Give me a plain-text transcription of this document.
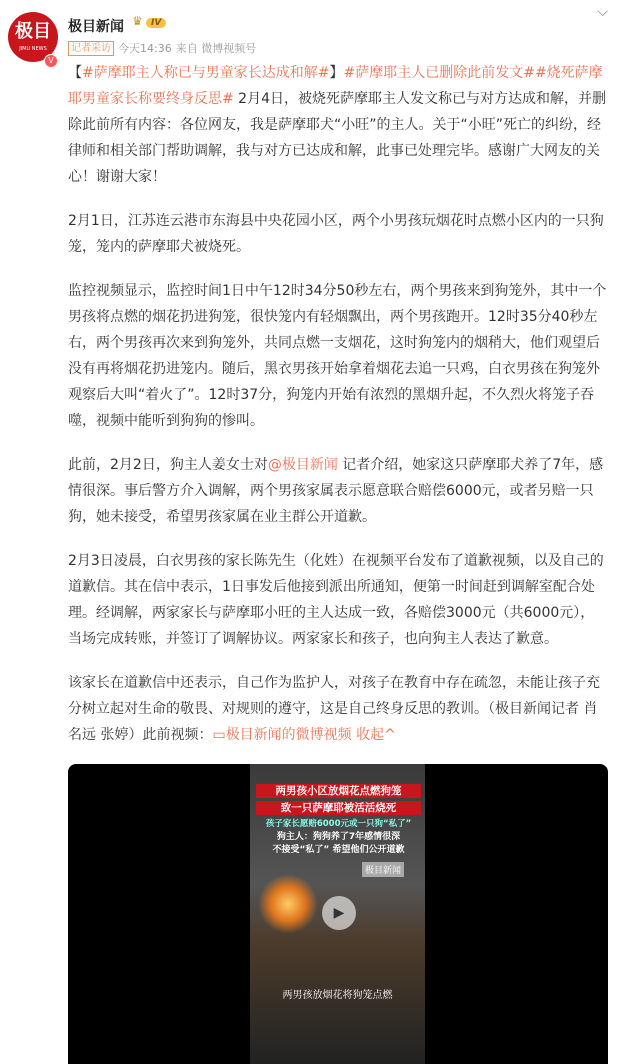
极目
JIMU NEWS
V
极目新闻 ♛ IV
⌵
记者采访 今天14:36 来自 微博视频号

【#萨摩耶主人称已与男童家长达成和解#】#萨摩耶主人已删除此前发文##烧死萨摩耶男童家长称要终身反思# 2月4日，被烧死萨摩耶主人发文称已与对方达成和解，并删除此前所有内容：各位网友，我是萨摩耶犬“小旺”的主人。关于“小旺”死亡的纠纷，经律师和相关部门帮助调解，我与对方已达成和解，此事已处理完毕。感谢广大网友的关心！谢谢大家！

2月1日，江苏连云港市东海县中央花园小区，两个小男孩玩烟花时点燃小区内的一只狗笼，笼内的萨摩耶犬被烧死。

监控视频显示，监控时间1日中午12时34分50秒左右，两个男孩来到狗笼外，其中一个男孩将点燃的烟花扔进狗笼，很快笼内有轻烟飘出，两个男孩跑开。12时35分40秒左右，两个男孩再次来到狗笼外，共同点燃一支烟花，这时狗笼内的烟稍大，他们观望后没有再将烟花扔进笼内。随后，黑衣男孩开始拿着烟花去追一只鸡，白衣男孩在狗笼外观察后大叫“着火了”。12时37分，狗笼内开始有浓烈的黑烟升起，不久烈火将笼子吞噬，视频中能听到狗狗的惨叫。

此前，2月2日，狗主人姜女士对@极目新闻 记者介绍，她家这只萨摩耶犬养了7年，感情很深。事后警方介入调解，两个男孩家属表示愿意联合赔偿6000元，或者另赔一只狗，她未接受，希望男孩家属在业主群公开道歉。

2月3日凌晨，白衣男孩的家长陈先生（化姓）在视频平台发布了道歉视频，以及自己的道歉信。其在信中表示，1日事发后他接到派出所通知，便第一时间赶到调解室配合处理。经调解，两家家长与萨摩耶小旺的主人达成一致，各赔偿3000元（共6000元），当场完成转账，并签订了调解协议。两家家长和孩子，也向狗主人表达了歉意。

该家长在道歉信中还表示，自己作为监护人，对孩子在教育中存在疏忽，未能让孩子充分树立起对生命的敬畏、对规则的遵守，这是自己终身反思的教训。（极目新闻记者 肖名远 张婷）此前视频：▭极目新闻的微博视频 收起^

两男孩小区放烟花点燃狗笼
致一只萨摩耶被活活烧死
孩子家长愿赔6000元或一只狗“私了”
狗主人：狗狗养了7年感情很深
不接受“私了” 希望他们公开道歉
极目新闻
▶
两男孩放烟花将狗笼点燃
